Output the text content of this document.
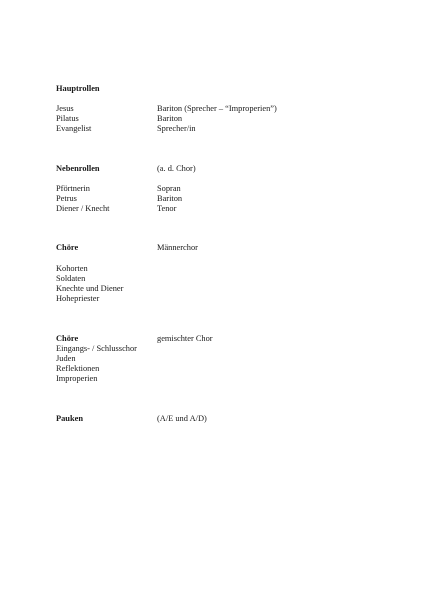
Hauptrollen
Jesus	Bariton (Sprecher – “Improperien”)
Pilatus	Bariton
Evangelist	Sprecher/in
Nebenrollen	(a. d. Chor)
Pförtnerin	Sopran
Petrus	Bariton
Diener / Knecht	Tenor
Chöre	Männerchor
Kohorten
Soldaten
Knechte und Diener
Hohepriester
Chöre	gemischter Chor
Eingangs- / Schlusschor
Juden
Reflektionen
Improperien
Pauken	(A/E und A/D)
